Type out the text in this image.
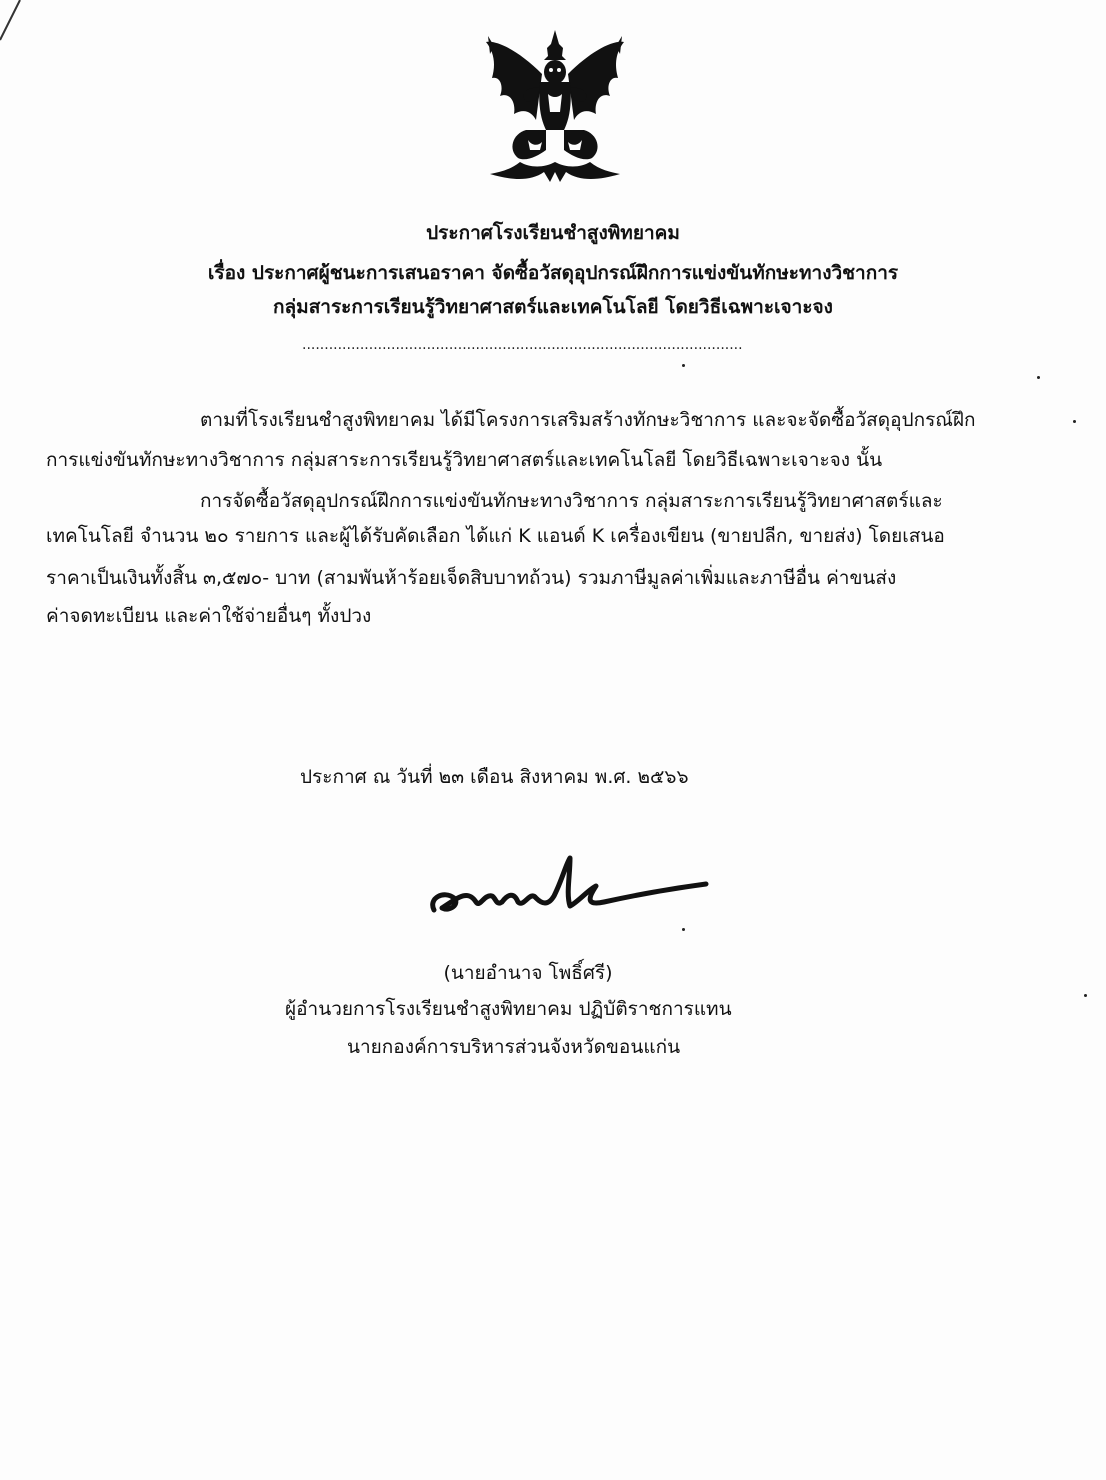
ประกาศโรงเรียนชำสูงพิทยาคม
เรื่อง ประกาศผู้ชนะการเสนอราคา จัดซื้อวัสดุอุปกรณ์ฝึกการแข่งขันทักษะทางวิชาการ
กลุ่มสาระการเรียนรู้วิทยาศาสตร์และเทคโนโลยี โดยวิธีเฉพาะเจาะจง
...................................................................................................
ตามที่โรงเรียนชำสูงพิทยาคม ได้มีโครงการเสริมสร้างทักษะวิชาการ และจะจัดซื้อวัสดุอุปกรณ์ฝึก
การแข่งขันทักษะทางวิชาการ กลุ่มสาระการเรียนรู้วิทยาศาสตร์และเทคโนโลยี โดยวิธีเฉพาะเจาะจง นั้น
การจัดซื้อวัสดุอุปกรณ์ฝึกการแข่งขันทักษะทางวิชาการ กลุ่มสาระการเรียนรู้วิทยาศาสตร์และ
เทคโนโลยี จำนวน ๒๐ รายการ และผู้ได้รับคัดเลือก ได้แก่ K แอนด์ K เครื่องเขียน (ขายปลีก, ขายส่ง) โดยเสนอ
ราคาเป็นเงินทั้งสิ้น ๓,๕๗๐- บาท (สามพันห้าร้อยเจ็ดสิบบาทถ้วน) รวมภาษีมูลค่าเพิ่มและภาษีอื่น ค่าขนส่ง
ค่าจดทะเบียน และค่าใช้จ่ายอื่นๆ ทั้งปวง
ประกาศ ณ วันที่ ๒๓ เดือน สิงหาคม พ.ศ. ๒๕๖๖
(นายอำนาจ โพธิ์ศรี)
ผู้อำนวยการโรงเรียนชำสูงพิทยาคม ปฏิบัติราชการแทน
นายกองค์การบริหารส่วนจังหวัดขอนแก่น
